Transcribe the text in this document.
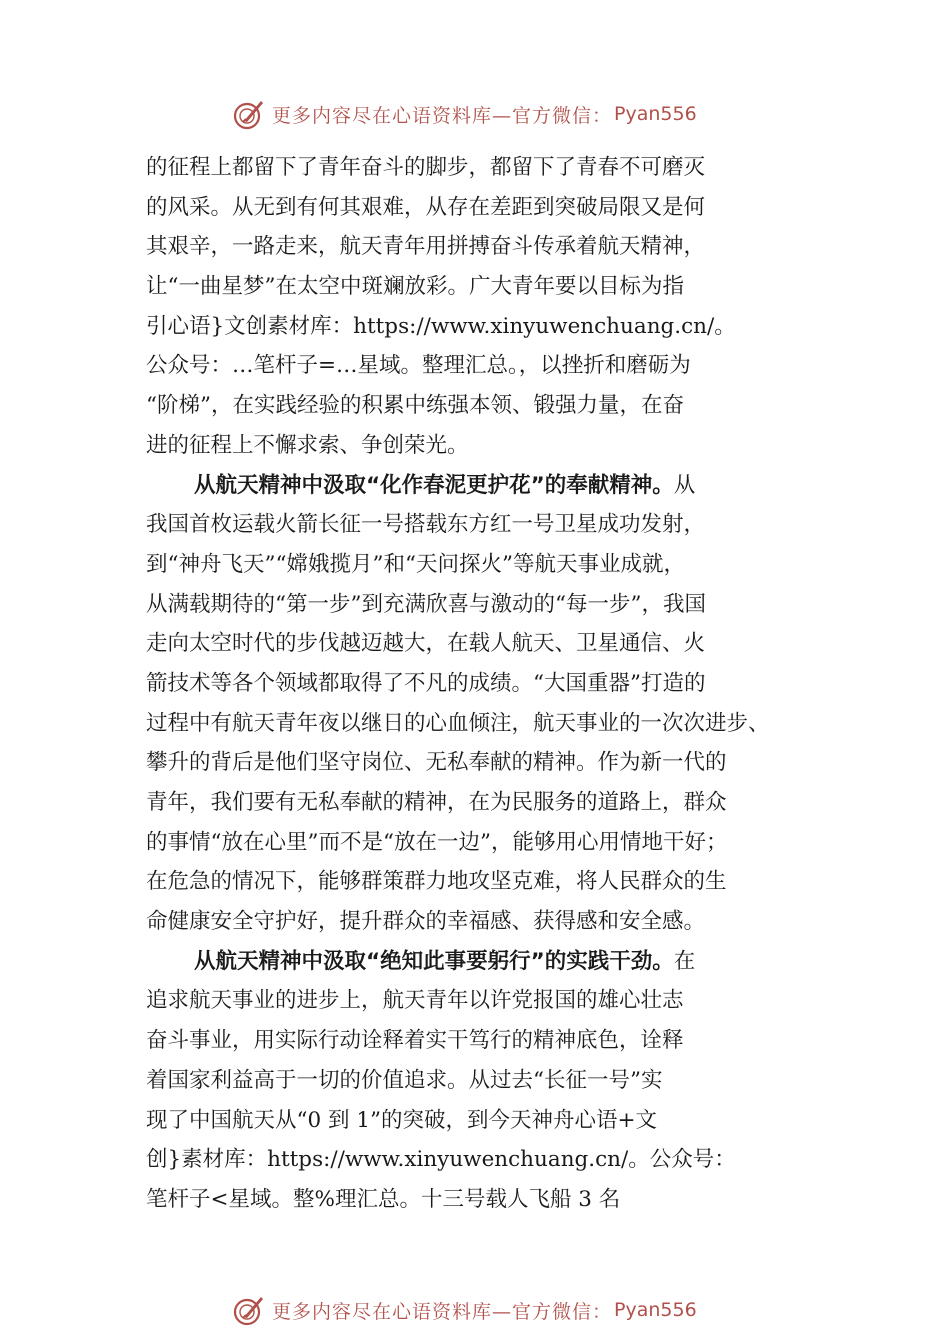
更多内容尽在心语资料库—官方微信： Pyan556
的征程上都留下了青年奋斗的脚步，都留下了青春不可磨灭
的风采。从无到有何其艰难，从存在差距到突破局限又是何
其艰辛，一路走来，航天青年用拼搏奋斗传承着航天精神，
让“一曲星梦”在太空中斑斓放彩。广大青年要以目标为指
引心语}文创素材库：https://www.xinyuwenchuang.cn/。
公众号：…笔杆子=…星域。整理汇总。，以挫折和磨砺为
“阶梯”，在实践经验的积累中练强本领、锻强力量，在奋
进的征程上不懈求索、争创荣光。
从航天精神中汲取“化作春泥更护花”的奉献精神。从
我国首枚运载火箭长征一号搭载东方红一号卫星成功发射，
到“神舟飞天”“嫦娥揽月”和“天问探火”等航天事业成就，
从满载期待的“第一步”到充满欣喜与激动的“每一步”，我国
走向太空时代的步伐越迈越大，在载人航天、卫星通信、火
箭技术等各个领域都取得了不凡的成绩。“大国重器”打造的
过程中有航天青年夜以继日的心血倾注，航天事业的一次次进步、
攀升的背后是他们坚守岗位、无私奉献的精神。作为新一代的
青年，我们要有无私奉献的精神，在为民服务的道路上，群众
的事情“放在心里”而不是“放在一边”，能够用心用情地干好；
在危急的情况下，能够群策群力地攻坚克难，将人民群众的生
命健康安全守护好，提升群众的幸福感、获得感和安全感。
从航天精神中汲取“绝知此事要躬行”的实践干劲。在
追求航天事业的进步上，航天青年以许党报国的雄心壮志
奋斗事业，用实际行动诠释着实干笃行的精神底色，诠释
着国家利益高于一切的价值追求。从过去“长征一号”实
现了中国航天从“0 到 1”的突破，到今天神舟心语+文
创}素材库：https://www.xinyuwenchuang.cn/。公众号：
笔杆子<星域。整%理汇总。十三号载人飞船 3 名
更多内容尽在心语资料库—官方微信： Pyan556
